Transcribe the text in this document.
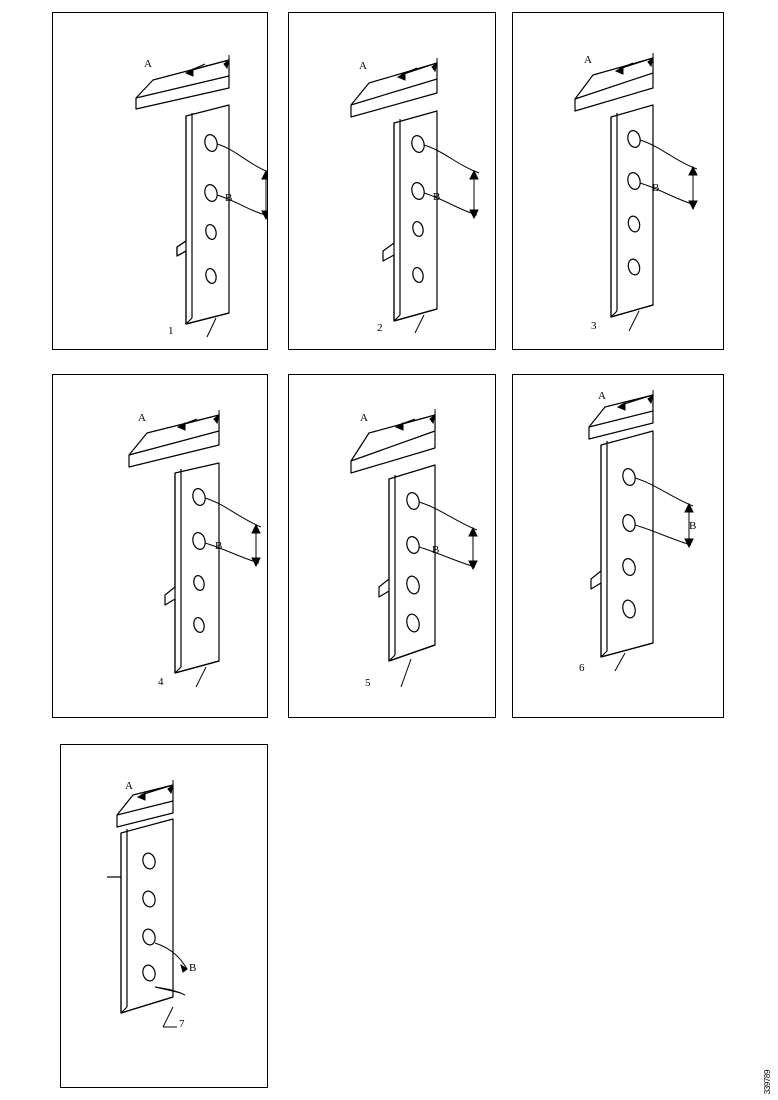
A
B
1
A
B
2
A
B
3
A
B
4
A
B
5
A
B
6
A
B
7
339789
